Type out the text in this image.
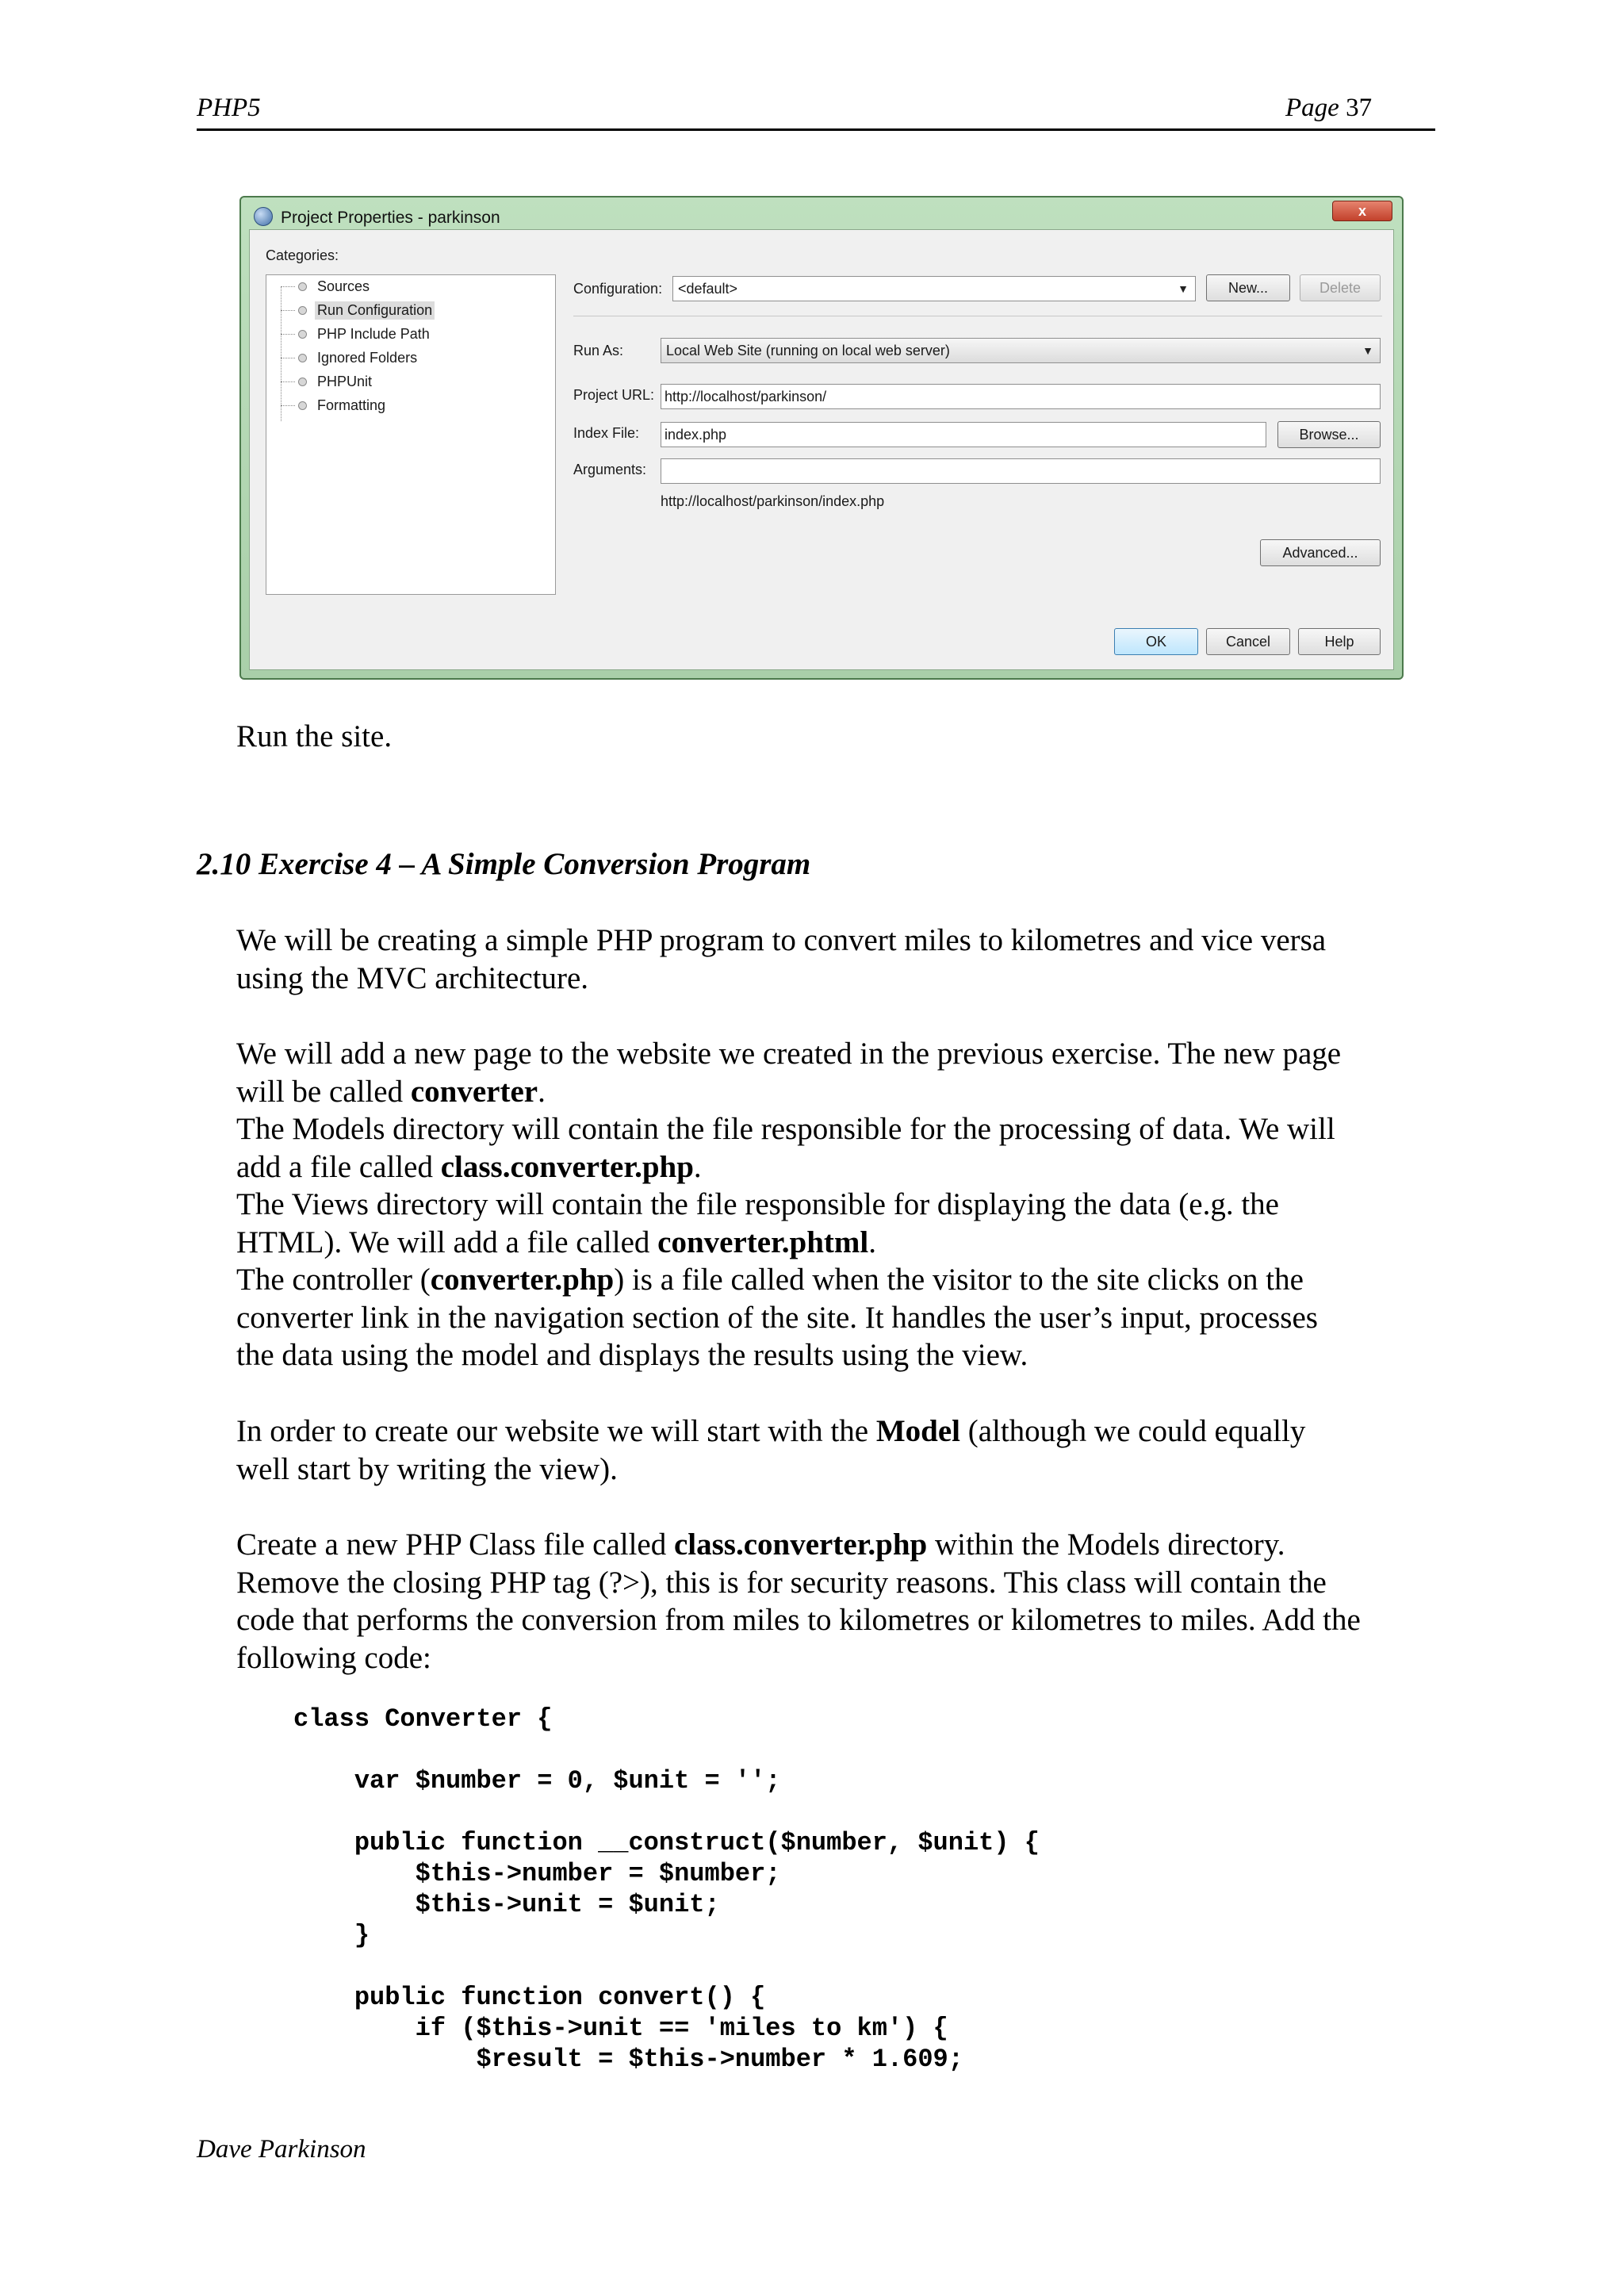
PHP5	Page 37
Project Properties - parkinson	x
Categories:
Sources
Run Configuration
PHP Include Path
Ignored Folders
PHPUnit
Formatting
Configuration:	<default>	▼	New...	Delete
Run As:	Local Web Site (running on local web server)	▼
Project URL: http://localhost/parkinson/
Index File: index.php	Browse...
Arguments:
http://localhost/parkinson/index.php
Advanced...
OK	Cancel	Help
Run the site.
2.10 Exercise 4 – A Simple Conversion Program
We will be creating a simple PHP program to convert miles to kilometres and vice versa
using the MVC architecture.
We will add a new page to the website we created in the previous exercise. The new page
will be called converter.
The Models directory will contain the file responsible for the processing of data. We will
add a file called class.converter.php.
The Views directory will contain the file responsible for displaying the data (e.g. the
HTML). We will add a file called converter.phtml.
The controller (converter.php) is a file called when the visitor to the site clicks on the
converter link in the navigation section of the site. It handles the user’s input, processes
the data using the model and displays the results using the view.
In order to create our website we will start with the Model (although we could equally
well start by writing the view).
Create a new PHP Class file called class.converter.php within the Models directory.
Remove the closing PHP tag (?>), this is for security reasons. This class will contain the
code that performs the conversion from miles to kilometres or kilometres to miles. Add the
following code:
class Converter {

var $number = 0, $unit = '';

public function __construct($number, $unit) {
$this->number = $number;
$this->unit = $unit;
}

public function convert() {
if ($this->unit == 'miles to km') {
$result = $this->number * 1.609;
Dave Parkinson
